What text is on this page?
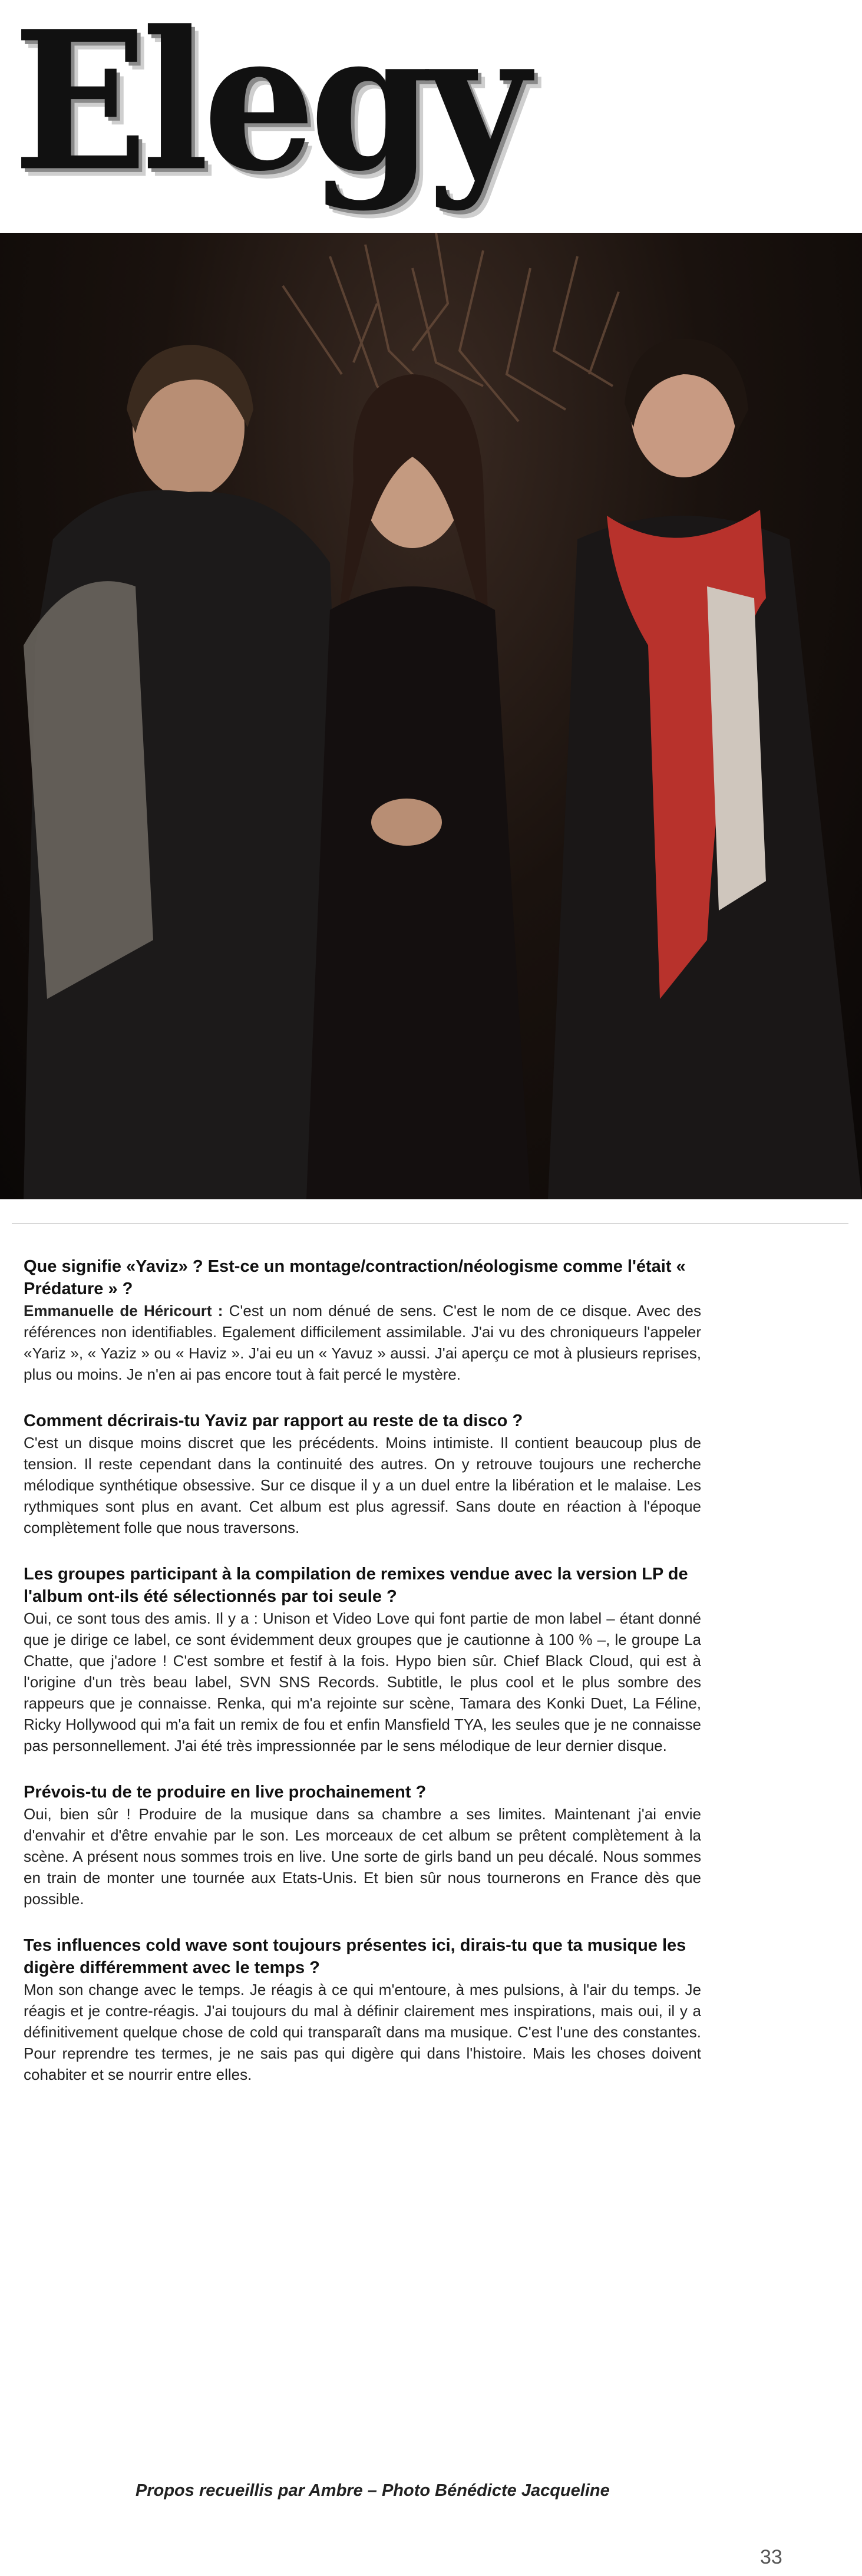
Elegy

Que signifie «Yaviz» ? Est-ce un montage/contraction/néologisme comme l'était « Prédature » ?

Emmanuelle de Héricourt : C'est un nom dénué de sens. C'est le nom de ce disque. Avec des références non identifiables. Egalement difficilement assimilable. J'ai vu des chroniqueurs l'appeler «Yariz », « Yaziz » ou « Haviz ». J'ai eu un « Yavuz » aussi. J'ai aperçu ce mot à plusieurs reprises, plus ou moins. Je n'en ai pas encore tout à fait percé le mystère.

Comment décrirais-tu Yaviz par rapport au reste de ta disco ?

C'est un disque moins discret que les précédents. Moins intimiste. Il contient beaucoup plus de tension. Il reste cependant dans la continuité des autres. On y retrouve toujours une recherche mélodique synthétique obsessive. Sur ce disque il y a un duel entre la libération et le malaise. Les rythmiques sont plus en avant. Cet album est plus agressif. Sans doute en réaction à l'époque complètement folle que nous traversons.

Les groupes participant à la compilation de remixes vendue avec la version LP de l'album ont-ils été sélectionnés par toi seule ?

Oui, ce sont tous des amis. Il y a : Unison et Video Love qui font partie de mon label – étant donné que je dirige ce label, ce sont évidemment deux groupes que je cautionne à 100 % –, le groupe La Chatte, que j'adore ! C'est sombre et festif à la fois. Hypo bien sûr. Chief Black Cloud, qui est à l'origine d'un très beau label, SVN SNS Records. Subtitle, le plus cool et le plus sombre des rappeurs que je connaisse. Renka, qui m'a rejointe sur scène, Tamara des Konki Duet, La Féline, Ricky Hollywood qui m'a fait un remix de fou et enfin Mansfield TYA, les seules que je ne connaisse pas personnellement. J'ai été très impressionnée par le sens mélodique de leur dernier disque.

Prévois-tu de te produire en live prochainement ?

Oui, bien sûr ! Produire de la musique dans sa chambre a ses limites. Maintenant j'ai envie d'envahir et d'être envahie par le son. Les morceaux de cet album se prêtent complètement à la scène. A présent nous sommes trois en live. Une sorte de girls band un peu décalé. Nous sommes en train de monter une tournée aux Etats-Unis. Et bien sûr nous tournerons en France dès que possible.

Tes influences cold wave sont toujours présentes ici, dirais-tu que ta musique les digère différemment avec le temps ?

Mon son change avec le temps. Je réagis à ce qui m'entoure, à mes pulsions, à l'air du temps. Je réagis et je contre-réagis. J'ai toujours du mal à définir clairement mes inspirations, mais oui, il y a définitivement quelque chose de cold qui transparaît dans ma musique. C'est l'une des constantes. Pour reprendre tes termes, je ne sais pas qui digère qui dans l'histoire. Mais les choses doivent cohabiter et se nourrir entre elles.

Propos recueillis par Ambre – Photo Bénédicte Jacqueline
33
